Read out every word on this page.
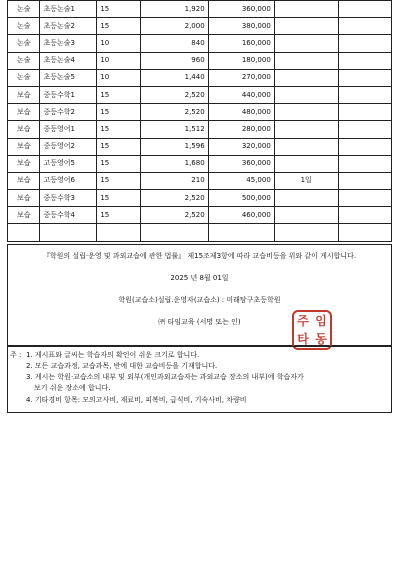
논술	초등논술1	15	1,920	360,000		
논술	초등논술2	15	2,000	380,000		
논술	초등논술3	10	840	160,000		
논술	초등논술4	10	960	180,000		
논술	초등논술5	10	1,440	270,000		
보습	중등수학1	15	2,520	440,000		
보습	중등수학2	15	2,520	480,000		
보습	중등영어1	15	1,512	280,000		
보습	중등영어2	15	1,596	320,000		
보습	고등영어5	15	1,680	360,000		
보습	고등영어6	15	210	45,000	1일	
보습	중등수학3	15	2,520	500,000		
보습	중등수학4	15	2,520	460,000		

『학원의 설립·운영 및 과외교습에 관한 법률』 제15조제3항에 따라 교습비등을 위와 같이 게시합니다.
2025 년 8월 01일
학원(교습소)설립.운영자(교습소) : 미래탐구초등학원
㈜ 타임교육 (서명 또는 인)	주 임
타 동
주 : 1. 게시표와 글씨는 학습자의 확인이 쉬운 크기로 합니다.
2. 모든 교습과정, 교습과목, 반에 대한 교습비등을 기재합니다.
3. 게시는 학원·교습소의 내부 및 외부(개인과외교습자는 과외교습 장소의 내부)에 학습자가
보기 쉬운 장소에 합니다.
4. 기타경비 항목: 모의고사비, 재료비, 피복비, 급식비, 기숙사비, 차량비
